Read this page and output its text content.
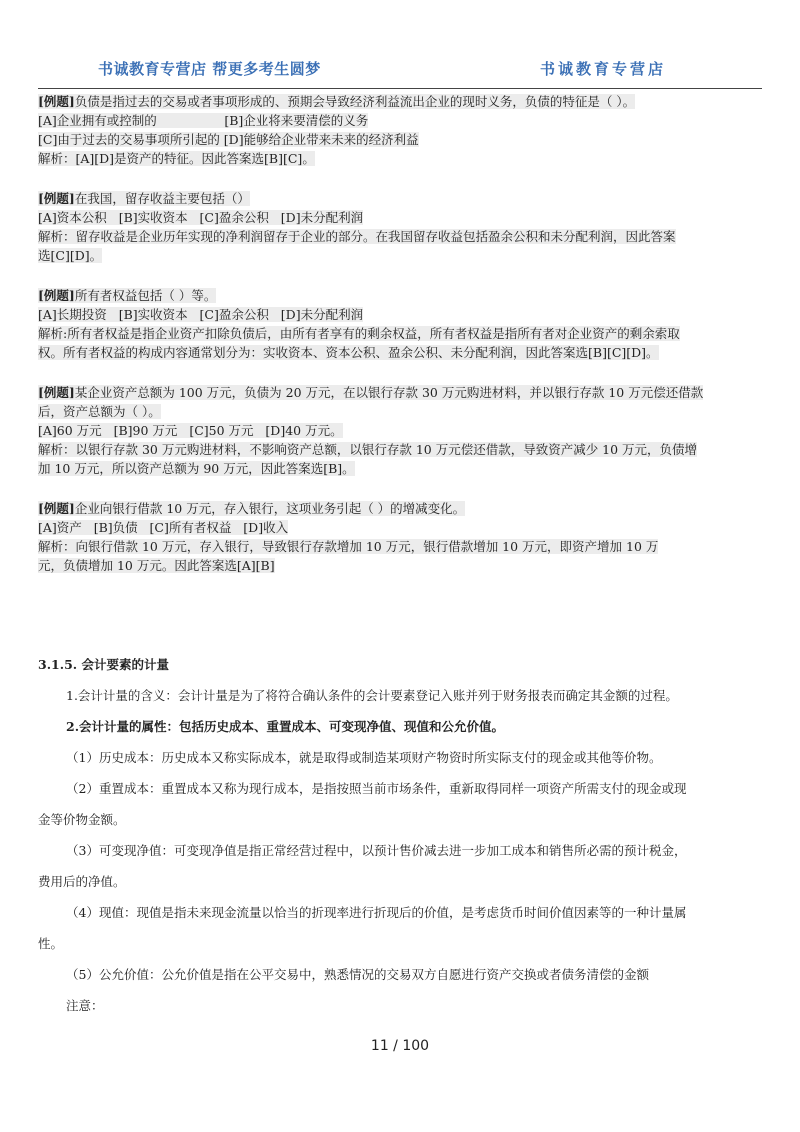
书诚教育专营店 帮更多考生圆梦	书诚教育专营店
[例题]负债是指过去的交易或者事项形成的、预期会导致经济利益流出企业的现时义务，负债的特征是（ ）。
[A]企业拥有或控制的                 [B]企业将来要清偿的义务
[C]由于过去的交易事项所引起的 [D]能够给企业带来未来的经济利益
解析：[A][D]是资产的特征。因此答案选[B][C]。
[例题]在我国，留存收益主要包括（）
[A]资本公积   [B]实收资本   [C]盈余公积   [D]未分配利润
解析：留存收益是企业历年实现的净利润留存于企业的部分。在我国留存收益包括盈余公积和未分配利润，因此答案
选[C][D]。
[例题]所有者权益包括（ ）等。
[A]长期投资   [B]实收资本   [C]盈余公积   [D]未分配利润
解析:所有者权益是指企业资产扣除负债后，由所有者享有的剩余权益，所有者权益是指所有者对企业资产的剩余索取
权。所有者权益的构成内容通常划分为：实收资本、资本公积、盈余公积、未分配利润，因此答案选[B][C][D]。
[例题]某企业资产总额为 100 万元，负债为 20 万元，在以银行存款 30 万元购进材料，并以银行存款 10 万元偿还借款
后，资产总额为（ ）。
[A]60 万元   [B]90 万元   [C]50 万元   [D]40 万元。
解析：以银行存款 30 万元购进材料，不影响资产总额，以银行存款 10 万元偿还借款，导致资产减少 10 万元，负债增
加 10 万元，所以资产总额为 90 万元，因此答案选[B]。
[例题]企业向银行借款 10 万元，存入银行，这项业务引起（ ）的增减变化。
[A]资产   [B]负债   [C]所有者权益   [D]收入
解析：向银行借款 10 万元，存入银行，导致银行存款增加 10 万元，银行借款增加 10 万元，即资产增加 10 万
元，负债增加 10 万元。因此答案选[A][B]
3.1.5. 会计要素的计量
1.会计计量的含义：会计计量是为了将符合确认条件的会计要素登记入账并列于财务报表而确定其金额的过程。
2.会计计量的属性：包括历史成本、重置成本、可变现净值、现值和公允价值。
（1）历史成本：历史成本又称实际成本，就是取得或制造某项财产物资时所实际支付的现金或其他等价物。
（2）重置成本：重置成本又称为现行成本，是指按照当前市场条件，重新取得同样一项资产所需支付的现金或现
金等价物金额。
（3）可变现净值：可变现净值是指正常经营过程中，以预计售价减去进一步加工成本和销售所必需的预计税金，
费用后的净值。
（4）现值：现值是指未来现金流量以恰当的折现率进行折现后的价值，是考虑货币时间价值因素等的一种计量属
性。
（5）公允价值：公允价值是指在公平交易中，熟悉情况的交易双方自愿进行资产交换或者债务清偿的金额
注意：
11 / 100
